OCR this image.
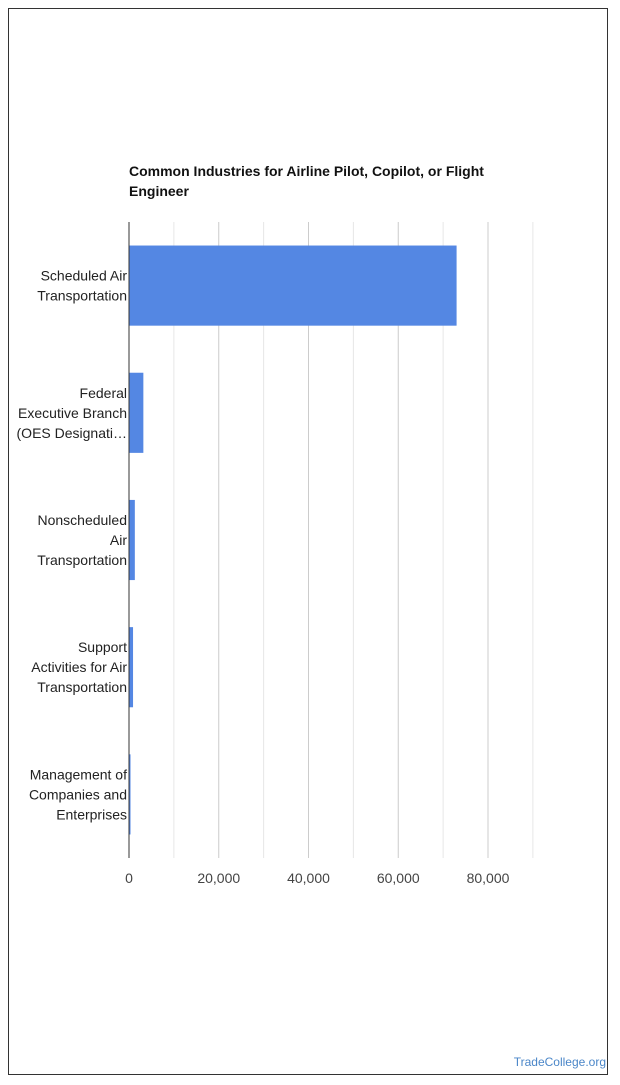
Common Industries for Airline Pilot, Copilot, or Flight Engineer
Scheduled Air Transportation
Federal Executive Branch (OES Designati…
Nonscheduled Air Transportation
Support Activities for Air Transportation
Management of Companies and Enterprises
0	20,000	40,000	60,000	80,000
TradeCollege.org
